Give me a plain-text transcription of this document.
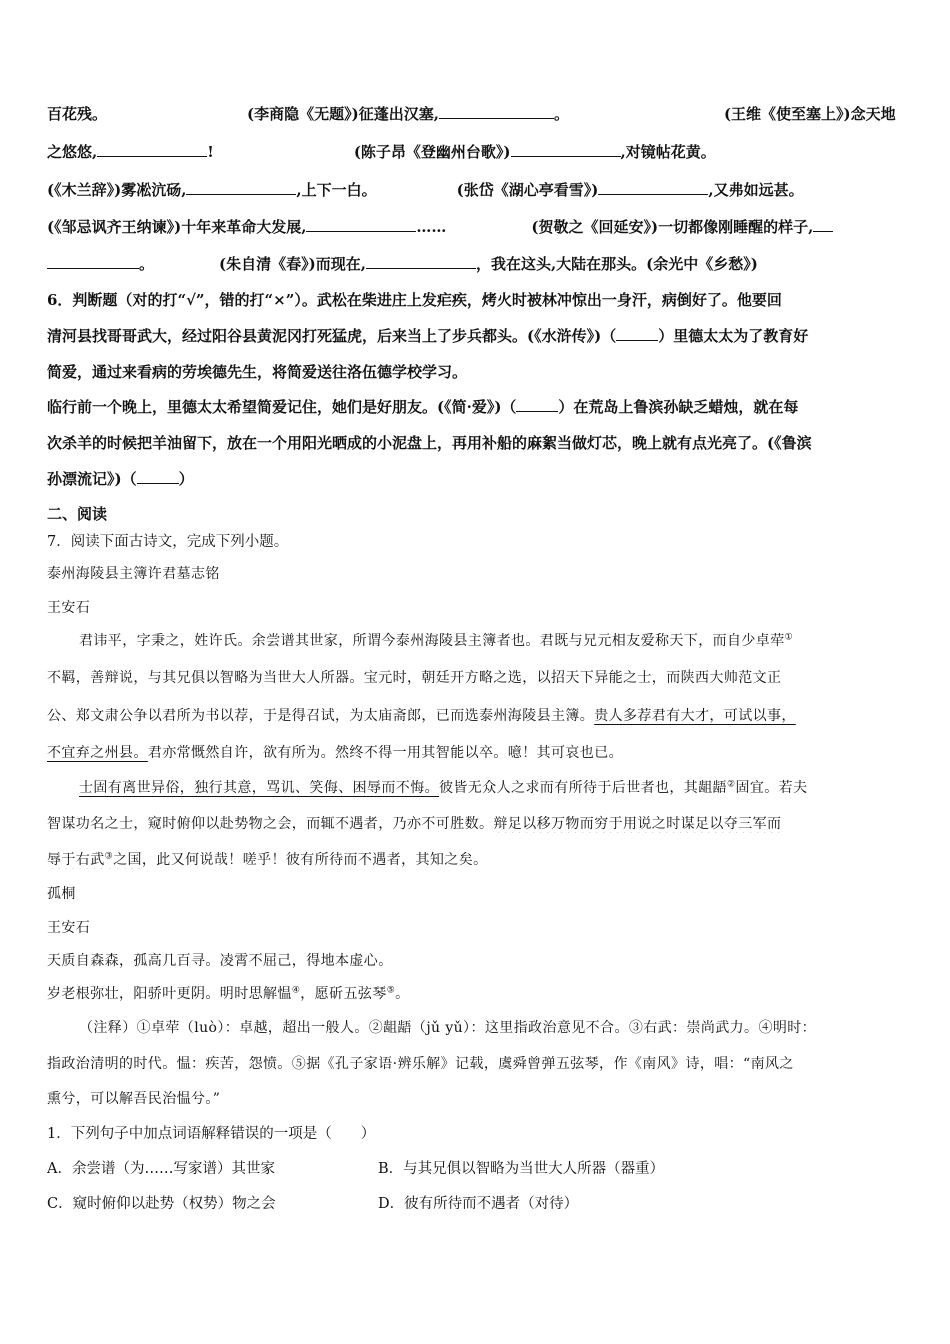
百花残。	(李商隐《无题》)征蓬出汉塞,	。	(王维《使至塞上》)念天地
之悠悠,	!	(陈子昂《登幽州台歌》)	,对镜帖花黄。
(《木兰辞》)雾凇沆砀,	,上下一白。	(张岱《湖心亭看雪》)	,又弗如远甚。
(《邹忌讽齐王纳谏》)十年来革命大发展,	……	(贺敬之《回延安》)一切都像刚睡醒的样子,
。	(朱自清《春》)而现在,	，我在这头,大陆在那头。(余光中《乡愁》)
6．判断题（对的打“√”，错的打“×”）。武松在柴进庄上发疟疾，烤火时被林冲惊出一身汗，病倒好了。他要回
清河县找哥哥武大，经过阳谷县黄泥冈打死猛虎，后来当上了步兵都头。(《水浒传》)（	）里德太太为了教育好
简爱，通过来看病的劳埃德先生，将简爱送往洛伍德学校学习。
临行前一个晚上，里德太太希望简爱记住，她们是好朋友。(《简·爱》)（	）在荒岛上鲁滨孙缺乏蜡烛，就在每
次杀羊的时候把羊油留下，放在一个用阳光晒成的小泥盘上，再用补船的麻絮当做灯芯，晚上就有点光亮了。(《鲁滨
孙漂流记》)（	）
二、阅读
7．阅读下面古诗文，完成下列小题。
泰州海陵县主簿许君墓志铭
王安石
君讳平，字秉之，姓许氏。余尝谱其世家，所谓今泰州海陵县主簿者也。君既与兄元相友爱称天下，而自少卓荦①
不羁，善辩说，与其兄俱以智略为当世大人所器。宝元时，朝廷开方略之选，以招天下异能之士，而陕西大帅范文正
公、郑文肃公争以君所为书以荐，于是得召试，为太庙斋郎，已而选泰州海陵县主簿。贵人多荐君有大才，可试以事，
不宜弃之州县。君亦常慨然自许，欲有所为。然终不得一用其智能以卒。噫！其可哀也已。
士固有离世异俗，独行其意，骂讥、笑侮、困辱而不悔。彼皆无众人之求而有所待于后世者也，其龃龉②固宜。若夫
智谋功名之士，窥时俯仰以赴势物之会，而辄不遇者，乃亦不可胜数。辩足以移万物而穷于用说之时谋足以夺三军而
辱于右武③之国，此又何说哉！嗟乎！彼有所待而不遇者，其知之矣。
孤桐
王安石
天质自森森，孤高几百寻。凌霄不屈己，得地本虚心。
岁老根弥壮，阳骄叶更阴。明时思解愠④，愿斫五弦琴⑤。
（注释）①卓荦（luò）：卓越，超出一般人。②龃龉（jǔ yǔ）：这里指政治意见不合。③右武：崇尚武力。④明时：
指政治清明的时代。愠：疾苦，怨愤。⑤据《孔子家语·辨乐解》记载，虞舜曾弹五弦琴，作《南风》诗，唱：“南风之
熏兮，可以解吾民治愠兮。”
1．下列句子中加点词语解释错误的一项是（　　）
A．余尝谱（为……写家谱）其世家	B．与其兄俱以智略为当世大人所器（器重）
C．窥时俯仰以赴势（权势）物之会	D．彼有所待而不遇者（对待）
